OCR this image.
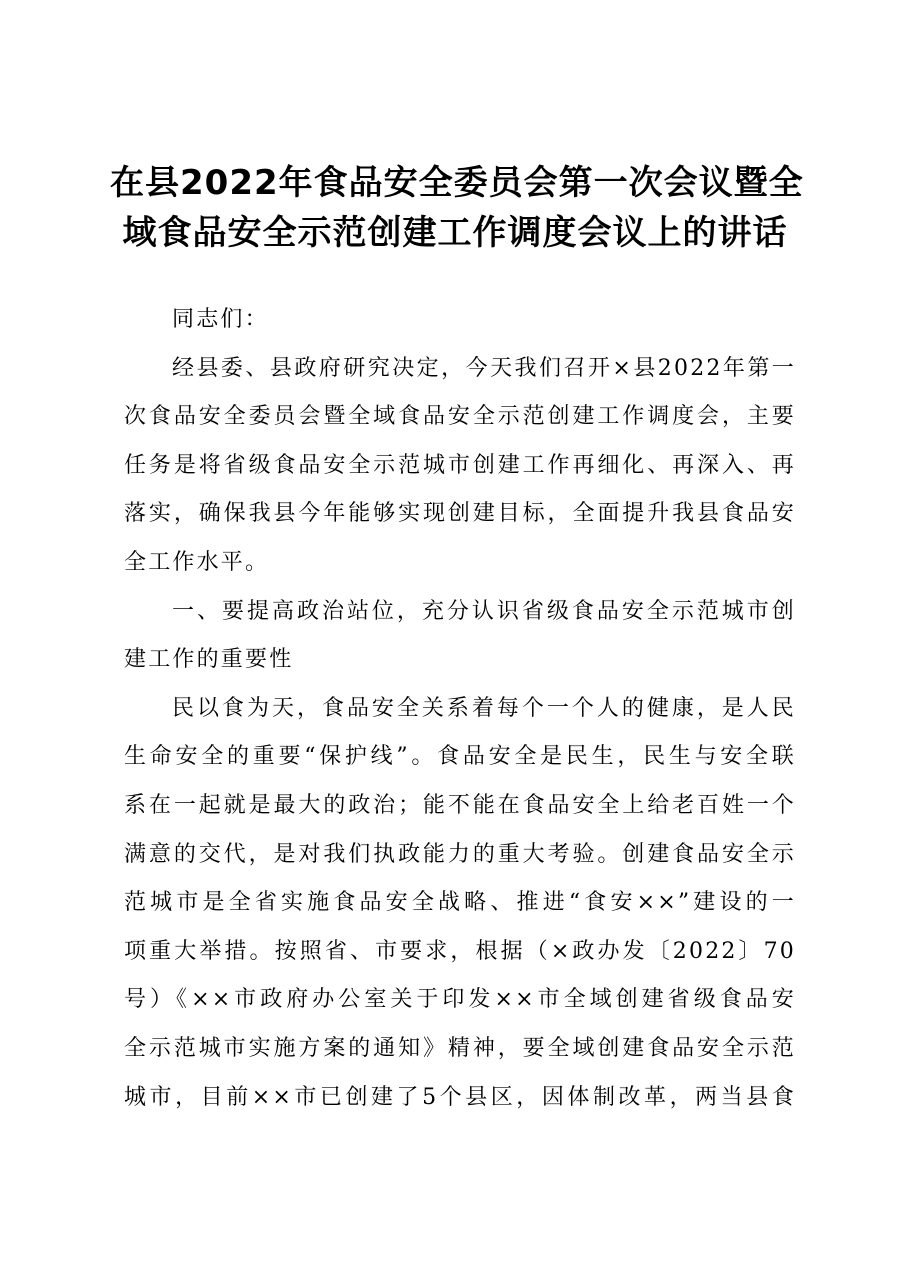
在县2022年食品安全委员会第一次会议暨全
域食品安全示范创建工作调度会议上的讲话
同志们：
经县委、县政府研究决定，今天我们召开×县2022年第一
次食品安全委员会暨全域食品安全示范创建工作调度会，主要
任务是将省级食品安全示范城市创建工作再细化、再深入、再
落实，确保我县今年能够实现创建目标，全面提升我县食品安
全工作水平。
一、要提高政治站位，充分认识省级食品安全示范城市创
建工作的重要性
民以食为天，食品安全关系着每个一个人的健康，是人民
生命安全的重要“保护线”。食品安全是民生，民生与安全联
系在一起就是最大的政治；能不能在食品安全上给老百姓一个
满意的交代，是对我们执政能力的重大考验。创建食品安全示
范城市是全省实施食品安全战略、推进“食安××”建设的一
项重大举措。按照省、市要求，根据（×政办发〔2022〕70
号）《××市政府办公室关于印发××市全域创建省级食品安
全示范城市实施方案的通知》精神，要全域创建食品安全示范
城市，目前××市已创建了5个县区，因体制改革，两当县食
